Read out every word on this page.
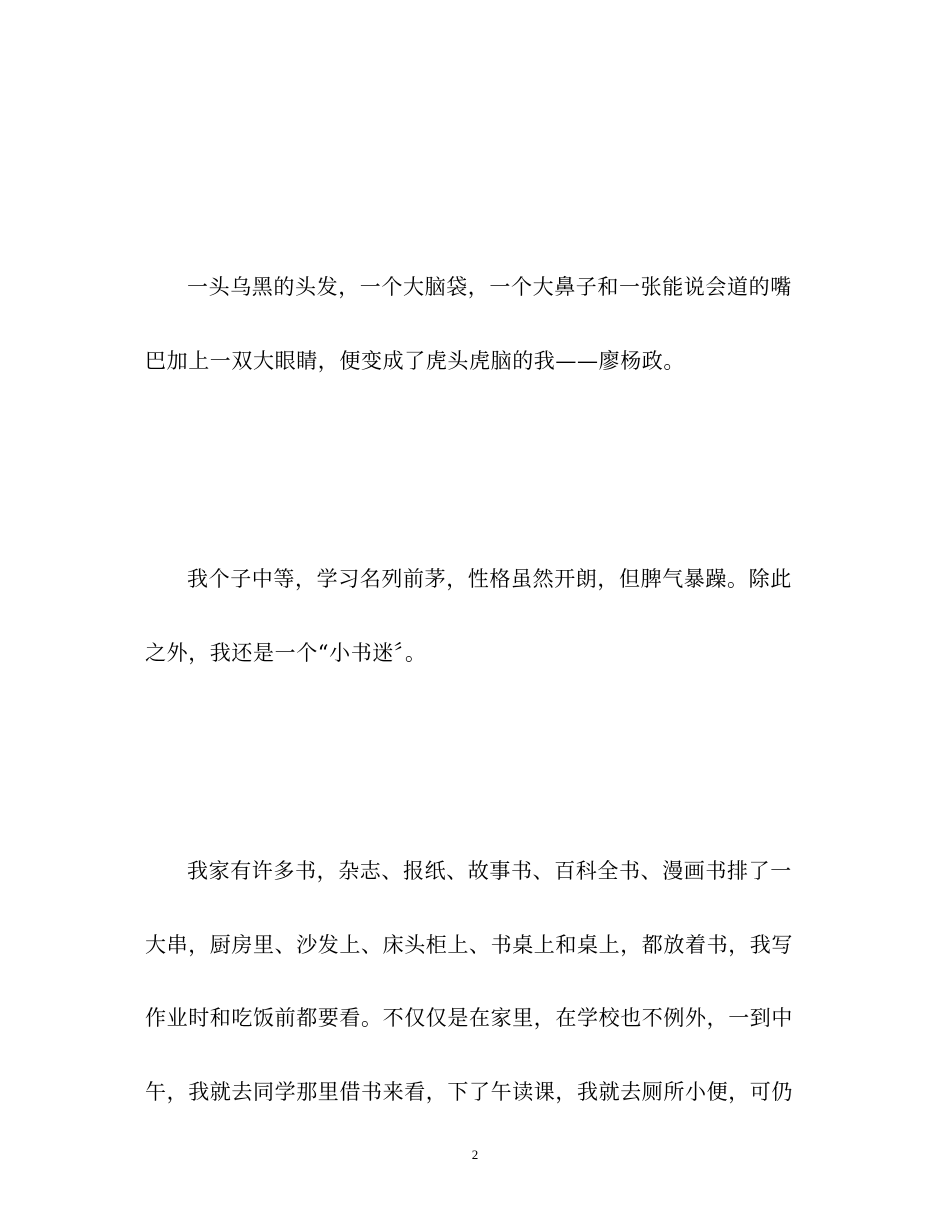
一头乌黑的头发，一个大脑袋，一个大鼻子和一张能说会道的嘴
巴加上一双大眼睛，便变成了虎头虎脑的我——廖杨政。
我个子中等，学习名列前茅，性格虽然开朗，但脾气暴躁。除此
之外，我还是一个“小书迷〞。
我家有许多书，杂志、报纸、故事书、百科全书、漫画书排了一
大串，厨房里、沙发上、床头柜上、书桌上和桌上，都放着书，我写
作业时和吃饭前都要看。不仅仅是在家里，在学校也不例外，一到中
午，我就去同学那里借书来看，下了午读课，我就去厕所小便，可仍
2
